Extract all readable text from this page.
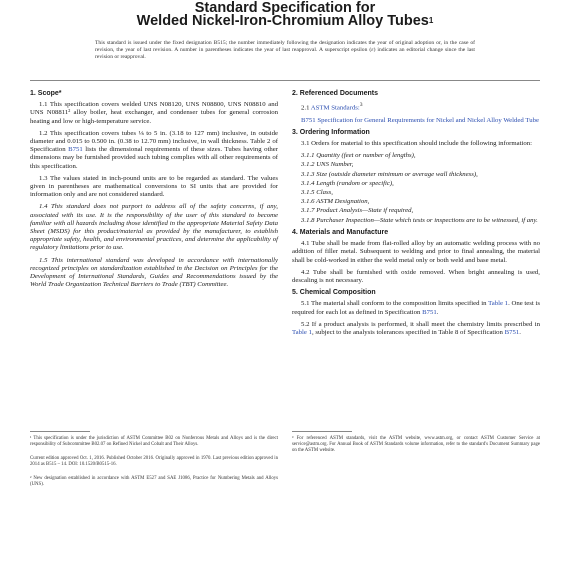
Standard Specification for
Welded Nickel-Iron-Chromium Alloy Tubes$^1$
This standard is issued under the fixed designation B515; the number immediately following the designation indicates the year of original adoption or, in the case of revision, the year of last revision. A number in parentheses indicates the year of last reapproval. A superscript epsilon (ε) indicates an editorial change since the last revision or reapproval.
1. Scope*
1.1 This specification covers welded UNS N08120, UNS N08800, UNS N08810 and UNS N08811² alloy boiler, heat exchanger, and condenser tubes for general corrosion heating and low or high-temperature service.
1.2 This specification covers tubes ⅛ to 5 in. (3.18 to 127 mm) inclusive, in outside diameter and 0.015 to 0.500 in. (0.38 to 12.70 mm) inclusive, in wall thickness. Table 2 of Specification B751 lists the dimensional requirements of these sizes. Tubes having other dimensions may be furnished provided such tubing complies with all other requirements of this specification.
1.3 The values stated in inch-pound units are to be regarded as standard. The values given in parentheses are mathematical conversions to SI units that are provided for information only and are not considered standard.
1.4 This standard does not purport to address all of the safety concerns, if any, associated with its use. It is the responsibility of the user of this standard to become familiar with all hazards including those identified in the appropriate Material Safety Data Sheet (MSDS) for this product/material as provided by the manufacturer, to establish appropriate safety, health, and environmental practices, and determine the applicability of regulatory limitations prior to use.
1.5 This international standard was developed in accordance with internationally recognized principles on standardization established in the Decision on Principles for the Development of International Standards, Guides and Recommendations issued by the World Trade Organization Technical Barriers to Trade (TBT) Committee.
¹ This specification is under the jurisdiction of ASTM Committee B02 on Nonferrous Metals and Alloys and is the direct responsibility of Subcommittee B02.07 on Refined Nickel and Cobalt and Their Alloys.
Current edition approved Oct. 1, 2016. Published October 2016. Originally approved in 1970. Last previous edition approved in 2014 as B515 – 14. DOI: 10.1520/B0515-16.
² New designation established in accordance with ASTM E527 and SAE J1086, Practice for Numbering Metals and Alloys (UNS).
2. Referenced Documents
2.1 ASTM Standards:$^3$
B751 Specification for General Requirements for Nickel and Nickel Alloy Welded Tube
3. Ordering Information
3.1 Orders for material to this specification should include the following information:
3.1.1 Quantity (feet or number of lengths),
3.1.2 UNS Number,
3.1.3 Size (outside diameter minimum or average wall thickness),
3.1.4 Length (random or specific),
3.1.5 Class,
3.1.6 ASTM Designation,
3.1.7 Product Analysis—State if required,
3.1.8 Purchaser Inspection—State which tests or inspections are to be witnessed, if any.
4. Materials and Manufacture
4.1 Tube shall be made from flat-rolled alloy by an automatic welding process with no addition of filler metal. Subsequent to welding and prior to final annealing, the material shall be cold-worked in either the weld metal only or both weld and base metal.
4.2 Tube shall be furnished with oxide removed. When bright annealing is used, descaling is not necessary.
5. Chemical Composition
5.1 The material shall conform to the composition limits specified in Table 1. One test is required for each lot as defined in Specification B751.
5.2 If a product analysis is performed, it shall meet the chemistry limits prescribed in Table 1, subject to the analysis tolerances specified in Table 8 of Specification B751.
³ For referenced ASTM standards, visit the ASTM website, www.astm.org, or contact ASTM Customer Service at service@astm.org. For Annual Book of ASTM Standards volume information, refer to the standard's Document Summary page on the ASTM website.
